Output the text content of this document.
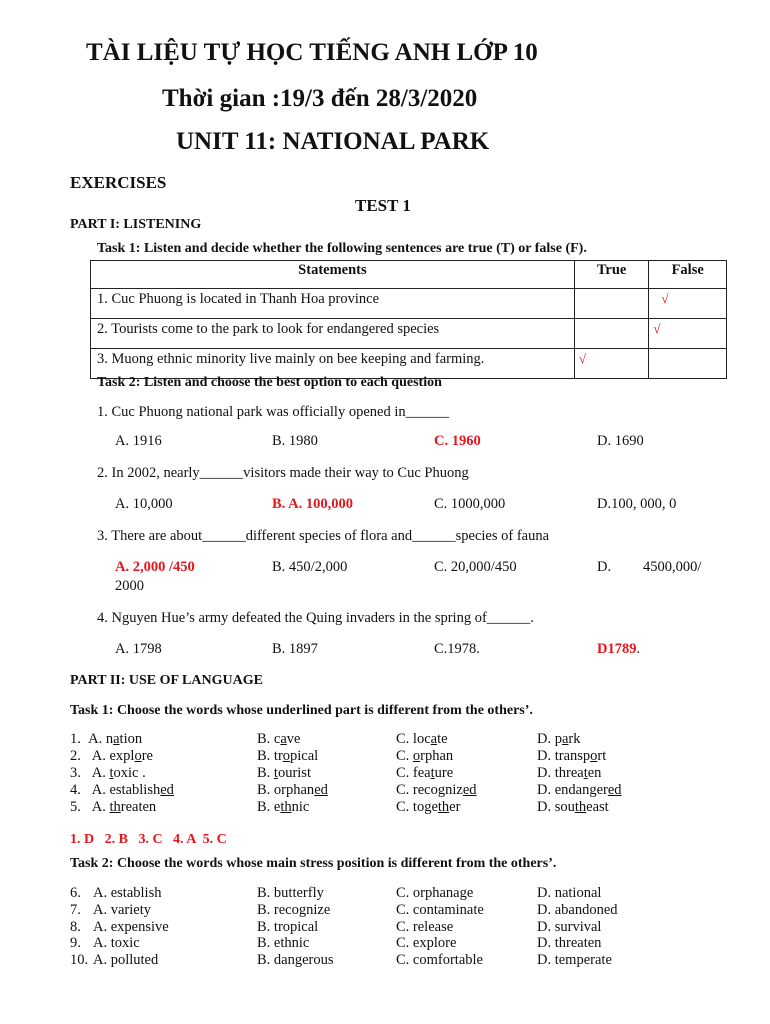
TÀI LIỆU TỰ HỌC TIẾNG ANH LỚP 10
Thời gian :19/3 đến 28/3/2020
UNIT 11: NATIONAL PARK
EXERCISES
TEST 1
PART I: LISTENING
Task 1: Listen and decide whether the following sentences are true (T) or false (F).
Statements	True	False
1. Cuc Phuong is located in Thanh Hoa province		√
2. Tourists come to the park to look for endangered species		√
3. Muong ethnic minority live mainly on bee keeping and farming.	√	
Task 2: Listen and choose the best option to each question
1. Cuc Phuong national park was officially opened in______
A. 1916	B. 1980	C. 1960	D. 1690
2. In 2002, nearly______visitors made their way to Cuc Phuong
A. 10,000	B. A. 100,000	C. 1000,000	D.100, 000, 0
3. There are about______different species of flora and______species of fauna
A. 2,000 /450	B. 450/2,000	C. 20,000/450	D. 4500,000/
2000
4. Nguyen Hue’s army defeated the Quing invaders in the spring of______.
A. 1798	B. 1897	C.1978.	D1789.
PART II: USE OF LANGUAGE
Task 1: Choose the words whose underlined part is different from the others’.
1.  A. nation	B. cave	C. locate	D. park
2.   A. explore	B. tropical	C. orphan	D. transport
3.   A. toxic .	B. tourist	C. feature	D. threaten
4.   A. established	B. orphaned	C. recognized	D. endangered
5.   A. threaten	B. ethnic	C. together	D. southeast
1. D   2. B   3. C   4. A  5. C
Task 2: Choose the words whose main stress position is different from the others’.
6. A. establish	B. butterfly	C. orphanage	D. national
7. A. variety	B. recognize	C. contaminate	D. abandoned
8. A. expensive	B. tropical	C. release	D. survival
9. A. toxic	B. ethnic	C. explore	D. threaten
10. A. polluted	B. dangerous	C. comfortable	D. temperate
